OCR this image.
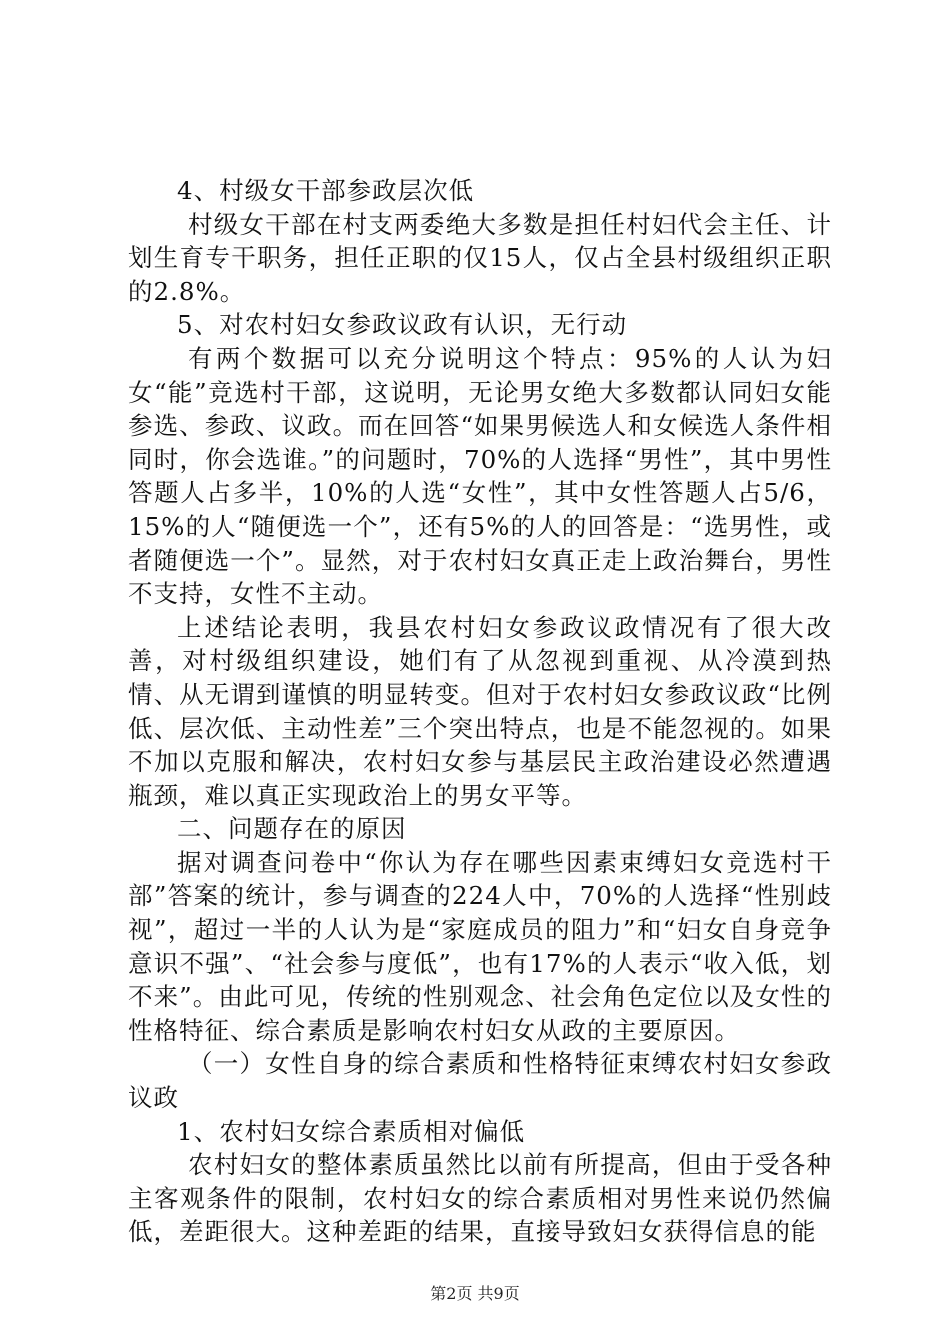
4、村级女干部参政层次低

村级女干部在村支两委绝大多数是担任村妇代会主任、计划生育专干职务，担任正职的仅15人，仅占全县村级组织正职的2.8%。

5、对农村妇女参政议政有认识，无行动

有两个数据可以充分说明这个特点：95%的人认为妇女“能”竞选村干部，这说明，无论男女绝大多数都认同妇女能参选、参政、议政。而在回答“如果男候选人和女候选人条件相同时，你会选谁。”的问题时，70%的人选择“男性”，其中男性答题人占多半，10%的人选“女性”，其中女性答题人占5/6，15%的人“随便选一个”，还有5%的人的回答是：“选男性，或者随便选一个”。显然，对于农村妇女真正走上政治舞台，男性不支持，女性不主动。

上述结论表明，我县农村妇女参政议政情况有了很大改善，对村级组织建设，她们有了从忽视到重视、从冷漠到热情、从无谓到谨慎的明显转变。但对于农村妇女参政议政“比例低、层次低、主动性差”三个突出特点，也是不能忽视的。如果不加以克服和解决，农村妇女参与基层民主政治建设必然遭遇瓶颈，难以真正实现政治上的男女平等。

二、问题存在的原因

据对调查问卷中“你认为存在哪些因素束缚妇女竞选村干部”答案的统计，参与调查的224人中，70%的人选择“性别歧视”，超过一半的人认为是“家庭成员的阻力”和“妇女自身竞争意识不强”、“社会参与度低”，也有17%的人表示“收入低，划不来”。由此可见，传统的性别观念、社会角色定位以及女性的性格特征、综合素质是影响农村妇女从政的主要原因。

（一）女性自身的综合素质和性格特征束缚农村妇女参政议政

1、农村妇女综合素质相对偏低

农村妇女的整体素质虽然比以前有所提高，但由于受各种主客观条件的限制，农村妇女的综合素质相对男性来说仍然偏低，差距很大。这种差距的结果，直接导致妇女获得信息的能

第2页 共9页
